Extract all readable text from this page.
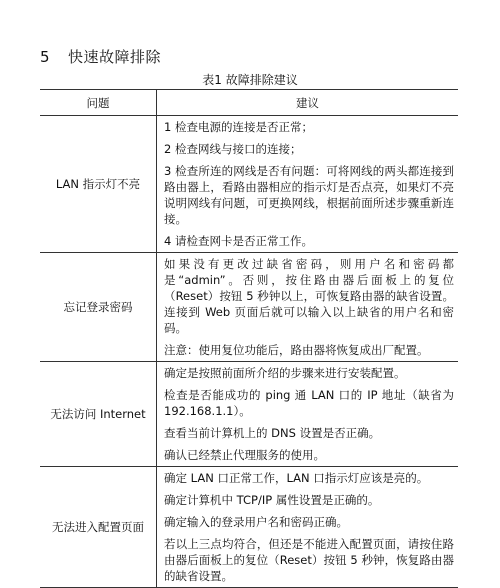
5 快速故障排除
表1 故障排除建议
问题	建议
LAN 指示灯不亮	1 检查电源的连接是否正常；

2 检查网线与接口的连接；

3 检查所连的网线是否有问题：可将网线的两头都连接到路由器上，看路由器相应的指示灯是否点亮，如果灯不亮说明网线有问题，可更换网线，根据前面所述步骤重新连接。

4 请检查网卡是否正常工作。

忘记登录密码	如果没有更改过缺省密码，则用户名和密码都是“admin”。否则，按住路由器后面板上的复位（Reset）按钮 5 秒钟以上，可恢复路由器的缺省设置。连接到 Web 页面后就可以输入以上缺省的用户名和密码。

注意：使用复位功能后，路由器将恢复成出厂配置。

无法访问 Internet	确定是按照前面所介绍的步骤来进行安装配置。

检查是否能成功的 ping 通 LAN 口的 IP 地址（缺省为 192.168.1.1）。

查看当前计算机上的 DNS 设置是否正确。

确认已经禁止代理服务的使用。

无法进入配置页面	确定 LAN 口正常工作，LAN 口指示灯应该是亮的。

确定计算机中 TCP/IP 属性设置是正确的。

确定输入的登录用户名和密码正确。

若以上三点均符合，但还是不能进入配置页面，请按住路由器后面板上的复位（Reset）按钮 5 秒钟，恢复路由器的缺省设置。
